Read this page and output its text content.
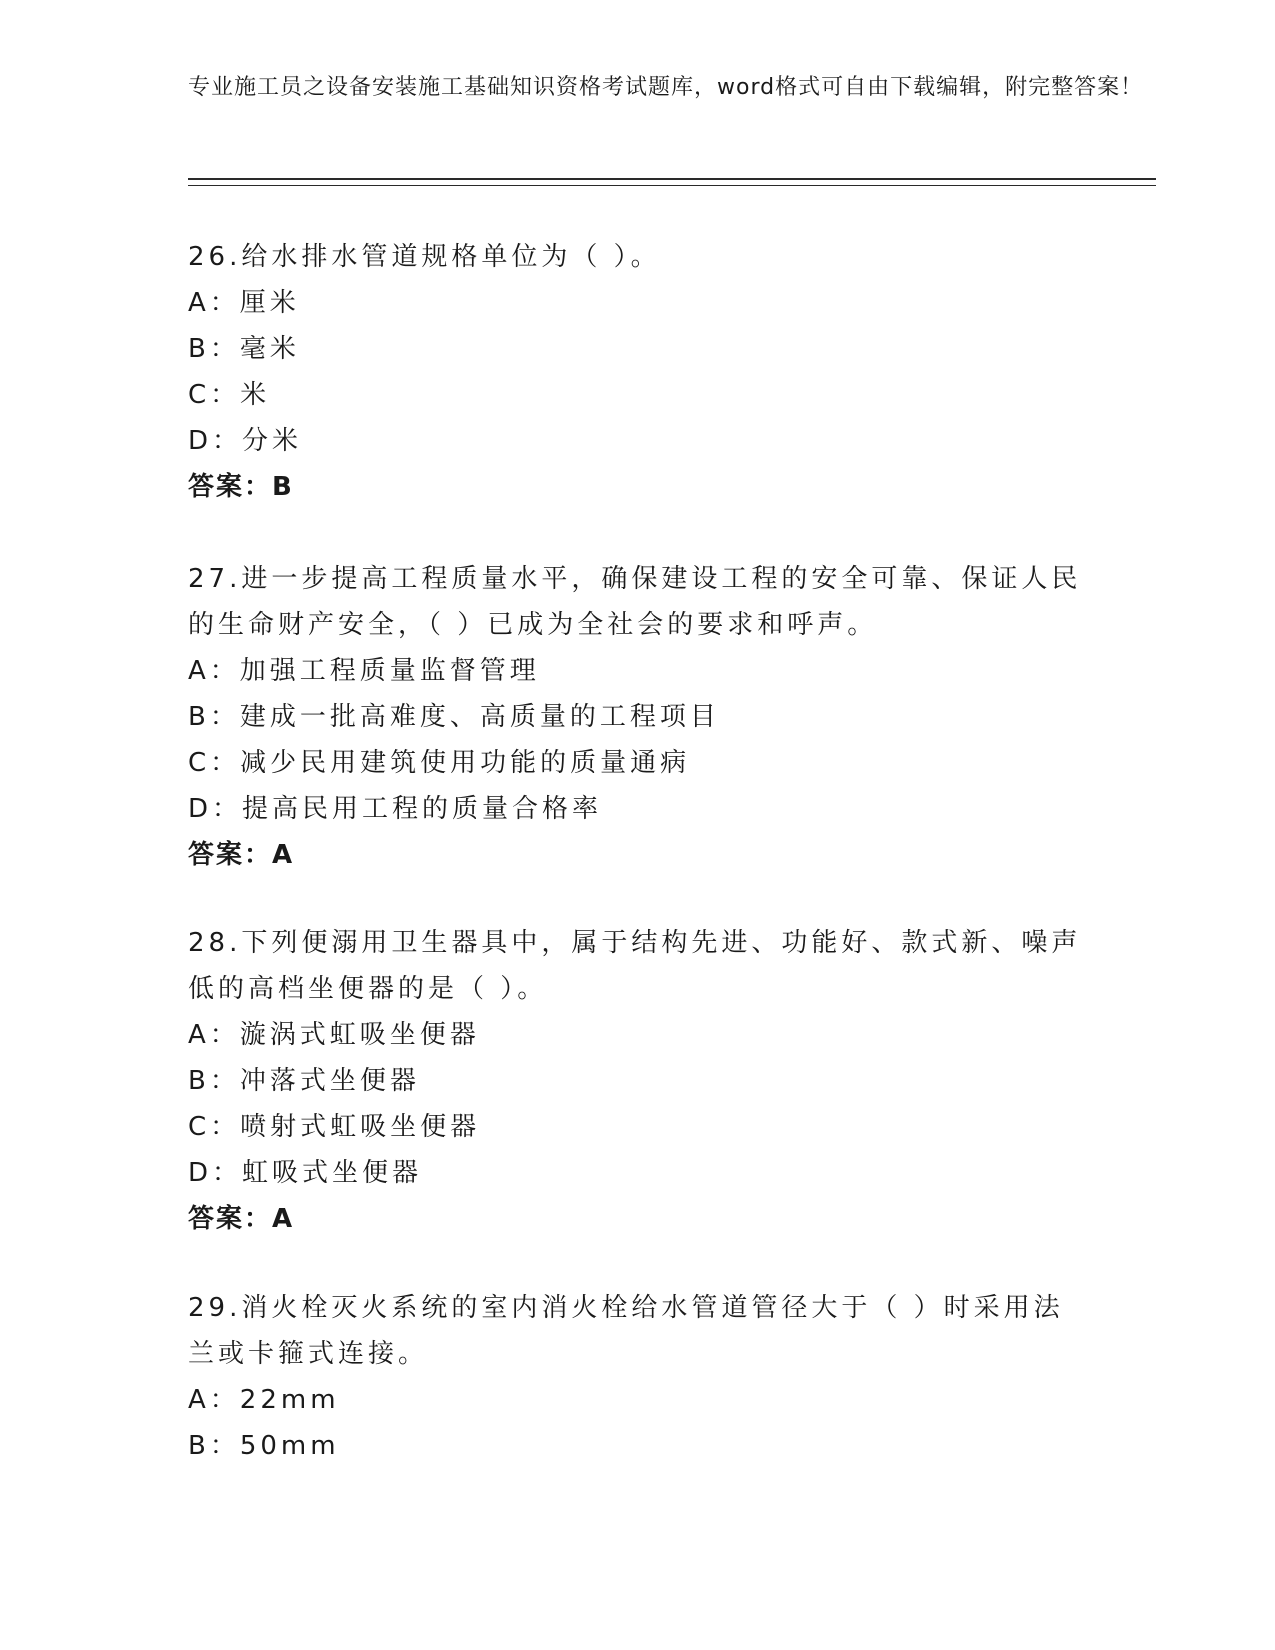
专业施工员之设备安装施工基础知识资格考试题库，word格式可自由下载编辑，附完整答案！

26.给水排水管道规格单位为（ ）。

A：厘米

B：毫米

C：米

D：分米

答案：B

27.进一步提高工程质量水平，确保建设工程的安全可靠、保证人民的生命财产安全，（ ）已成为全社会的要求和呼声。

A：加强工程质量监督管理

B：建成一批高难度、高质量的工程项目

C：减少民用建筑使用功能的质量通病

D：提高民用工程的质量合格率

答案：A

28.下列便溺用卫生器具中，属于结构先进、功能好、款式新、噪声低的高档坐便器的是（ ）。

A：漩涡式虹吸坐便器

B：冲落式坐便器

C：喷射式虹吸坐便器

D：虹吸式坐便器

答案：A

29.消火栓灭火系统的室内消火栓给水管道管径大于（ ）时采用法兰或卡箍式连接。

A：22mm

B：50mm
